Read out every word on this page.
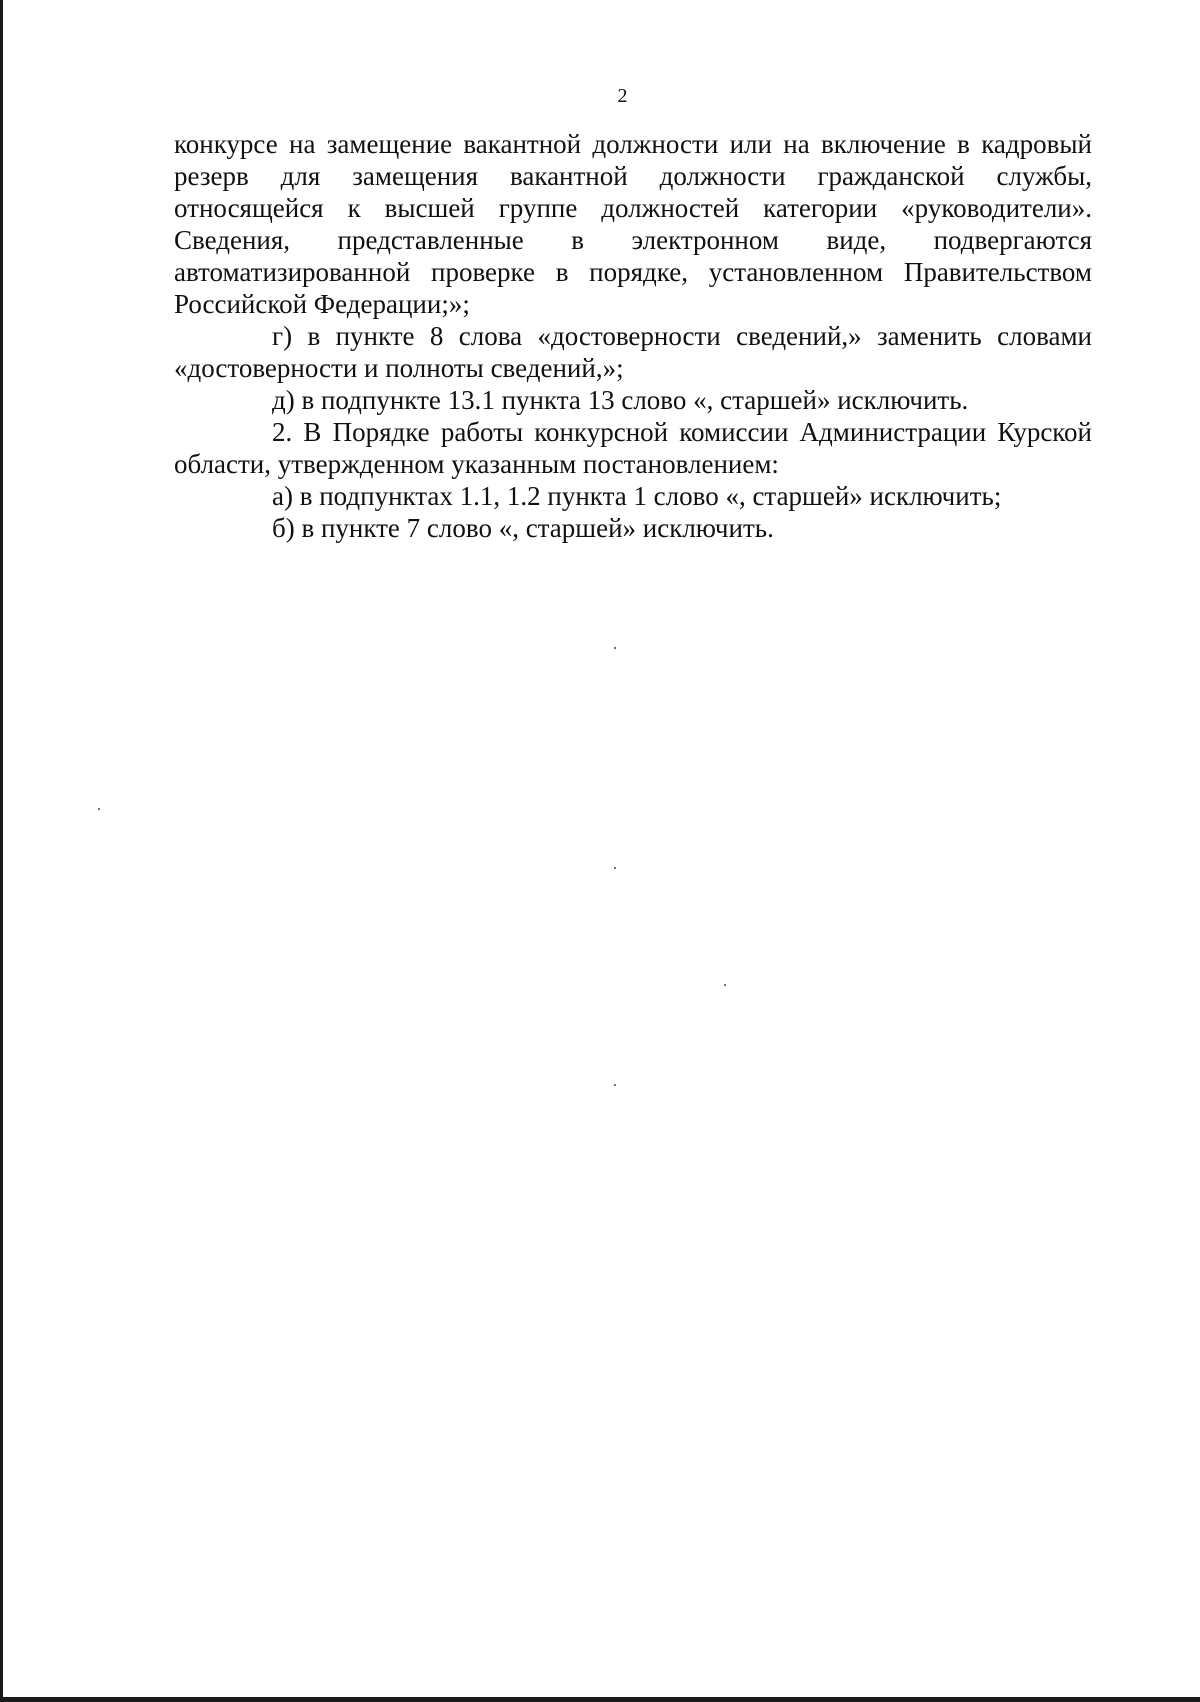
2

конкурсе на замещение вакантной должности или на включение в кадровый резерв для замещения вакантной должности гражданской службы, относящейся к высшей группе должностей категории «руководители». Сведения, представленные в электронном виде, подвергаются автоматизированной проверке в порядке, установленном Правительством Российской Федерации;»;

г) в пункте 8 слова «достоверности сведений,» заменить словами «достоверности и полноты сведений,»;

д) в подпункте 13.1 пункта 13 слово «, старшей» исключить.

2. В Порядке работы конкурсной комиссии Администрации Курской области, утвержденном указанным постановлением:

а) в подпунктах 1.1, 1.2 пункта 1 слово «, старшей» исключить;

б) в пункте 7 слово «, старшей» исключить.
